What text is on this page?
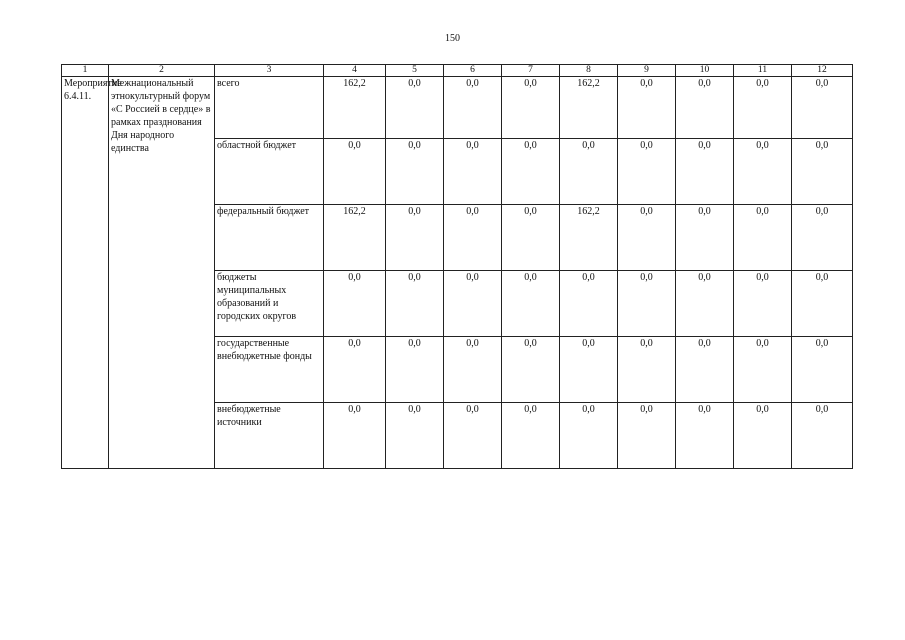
150
1	2	3	4	5	6	7	8	9	10	11	12
Мероприятие 6.4.11.	Межнациональный этнокультурный форум «С Россией в сердце» в рамках празднования Дня народного единства	всего	162,2	0,0	0,0	0,0	162,2	0,0	0,0	0,0	0,0
		областной бюджет	0,0	0,0	0,0	0,0	0,0	0,0	0,0	0,0	0,0
		федеральный бюджет	162,2	0,0	0,0	0,0	162,2	0,0	0,0	0,0	0,0
		бюджеты муниципальных образований и городских округов	0,0	0,0	0,0	0,0	0,0	0,0	0,0	0,0	0,0
		государственные внебюджетные фонды	0,0	0,0	0,0	0,0	0,0	0,0	0,0	0,0	0,0
		внебюджетные источники	0,0	0,0	0,0	0,0	0,0	0,0	0,0	0,0	0,0
